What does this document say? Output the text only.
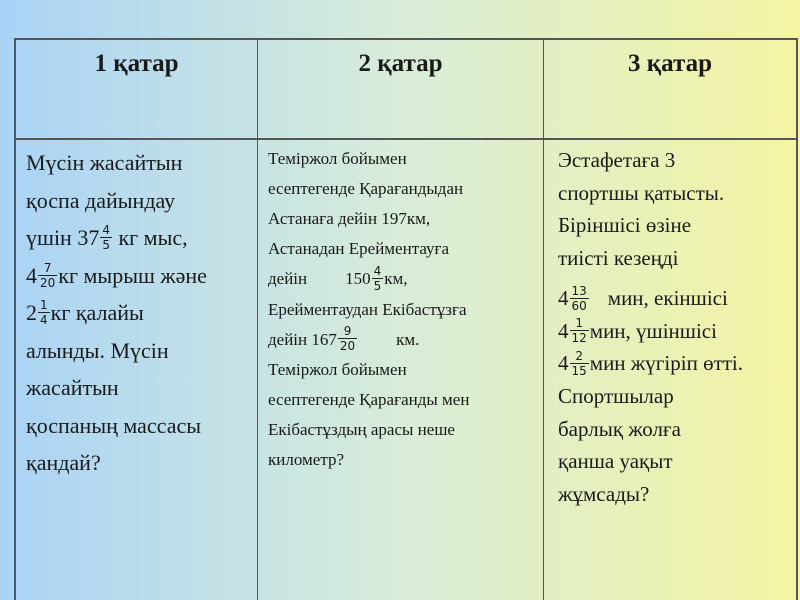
1 қатар	2 қатар	3 қатар
Мүсін жасайтын
қоспа дайындау
үшін $37 \frac{4}{5}$ кг мыс,
$4 \frac{7}{20}$ кг мырыш және
$2 \frac{1}{4}$ кг қалайы
алынды. Мүсін
жасайтын
қоспаның массасы
қандай?
Теміржол бойымен
есептегенде Қарағандыдан
Астанаға дейін 197км,
Астанадан Ерейментауға
дейін $150 \frac{4}{5}$ км,
Ерейментаудан Екібастұзға
дейін $167 \frac{9}{20}$ км.
Теміржол бойымен
есептегенде Қарағанды мен
Екібастұздың арасы неше
километр?
Эстафетаға 3
спортшы қатысты.
Біріншісі өзіне
тиісті кезеңді
$4 \frac{13}{60}$ мин, екіншісі
$4 \frac{1}{12}$ мин, үшіншісі
$4 \frac{2}{15}$ мин жүгіріп өтті.
Спортшылар
барлық жолға
қанша уақыт
жұмсады?
